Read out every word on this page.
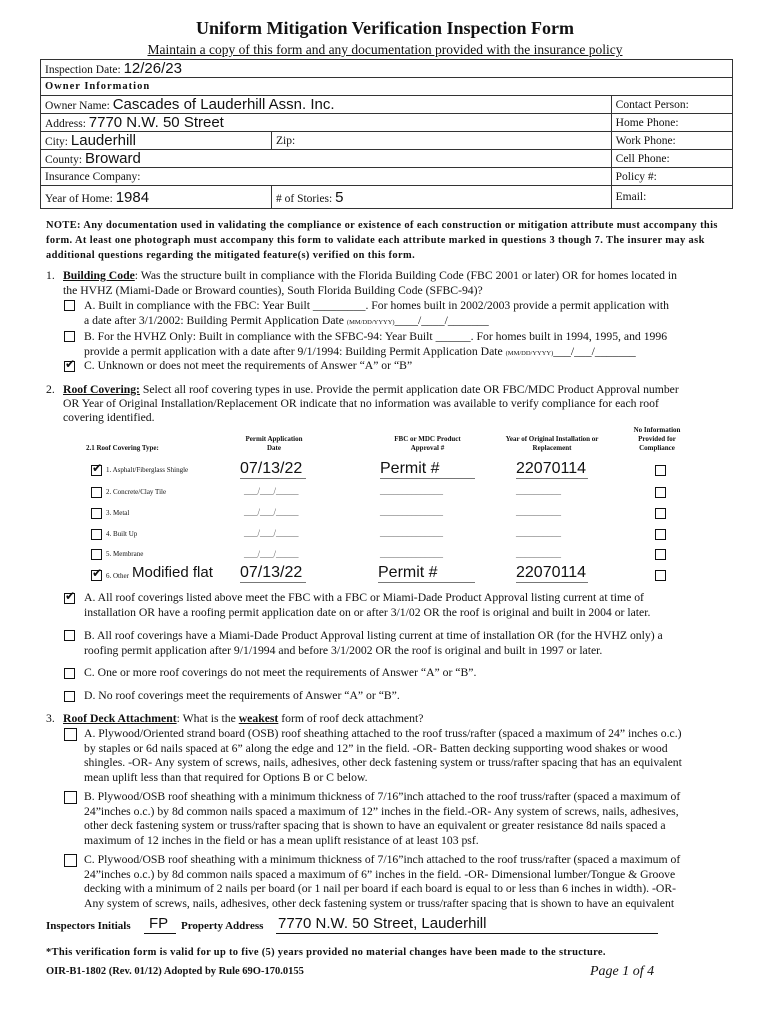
Uniform Mitigation Verification Inspection Form
Maintain a copy of this form and any documentation provided with the insurance policy
Inspection Date: 12/26/23		
Owner Information		
Owner Name: Cascades of Lauderhill Assn. Inc.		Contact Person:
Address: 7770 N.W. 50 Street		Home Phone:
City: Lauderhill	Zip:	Work Phone:
County: Broward		Cell Phone:
Insurance Company:		Policy #:
Year of Home: 1984	# of Stories: 5	Email:
NOTE: Any documentation used in validating the compliance or existence of each construction or mitigation attribute must accompany this form. At least one photograph must accompany this form to validate each attribute marked in questions 3 though 7. The insurer may ask additional questions regarding the mitigated feature(s) verified on this form.
1. Building Code: Was the structure built in compliance with the Florida Building Code (FBC 2001 or later) OR for homes located in
the HVHZ (Miami-Dade or Broward counties), South Florida Building Code (SFBC-94)?
A. Built in compliance with the FBC: Year Built _________. For homes built in 2002/2003 provide a permit application with
a date after 3/1/2002: Building Permit Application Date (MM/DD/YYYY)____/____/_______
B. For the HVHZ Only: Built in compliance with the SFBC-94: Year Built ______. For homes built in 1994, 1995, and 1996
provide a permit application with a date after 9/1/1994: Building Permit Application Date (MM/DD/YYYY)___/___/_______
✔
C. Unknown or does not meet the requirements of Answer “A” or “B”
2. Roof Covering: Select all roof covering types in use. Provide the permit application date OR FBC/MDC Product Approval number
OR Year of Original Installation/Replacement OR indicate that no information was available to verify compliance for each roof
covering identified.
2.1 Roof Covering Type:
Permit Application Date
FBC or MDC Product Approval #
Year of Original Installation or Replacement
No Information Provided for Compliance
✔
1. Asphalt/Fiberglass Shingle	07/13/22	Permit #	22070114
2. Concrete/Clay Tile	___/___/_____	______________	__________
3. Metal	___/___/_____	______________	__________
4. Built Up	___/___/_____	______________	__________
5. Membrane	___/___/_____	______________	__________
✔
6. Other Modified flat 07/13/22	Permit #	22070114
✔
A. All roof coverings listed above meet the FBC with a FBC or Miami-Dade Product Approval listing current at time of
installation OR have a roofing permit application date on or after 3/1/02 OR the roof is original and built in 2004 or later.
B. All roof coverings have a Miami-Dade Product Approval listing current at time of installation OR (for the HVHZ only) a
roofing permit application after 9/1/1994 and before 3/1/2002 OR the roof is original and built in 1997 or later.
C. One or more roof coverings do not meet the requirements of Answer “A” or “B”.
D. No roof coverings meet the requirements of Answer “A” or “B”.
3. Roof Deck Attachment: What is the weakest form of roof deck attachment?
A. Plywood/Oriented strand board (OSB) roof sheathing attached to the roof truss/rafter (spaced a maximum of 24” inches o.c.)
by staples or 6d nails spaced at 6” along the edge and 12” in the field. -OR- Batten decking supporting wood shakes or wood
shingles. -OR- Any system of screws, nails, adhesives, other deck fastening system or truss/rafter spacing that has an equivalent
mean uplift less than that required for Options B or C below.
B. Plywood/OSB roof sheathing with a minimum thickness of 7/16”inch attached to the roof truss/rafter (spaced a maximum of
24”inches o.c.) by 8d common nails spaced a maximum of 12” inches in the field.-OR- Any system of screws, nails, adhesives,
other deck fastening system or truss/rafter spacing that is shown to have an equivalent or greater resistance 8d nails spaced a
maximum of 12 inches in the field or has a mean uplift resistance of at least 103 psf.
C. Plywood/OSB roof sheathing with a minimum thickness of 7/16”inch attached to the roof truss/rafter (spaced a maximum of
24”inches o.c.) by 8d common nails spaced a maximum of 6” inches in the field. -OR- Dimensional lumber/Tongue & Groove
decking with a minimum of 2 nails per board (or 1 nail per board if each board is equal to or less than 6 inches in width). -OR-
Any system of screws, nails, adhesives, other deck fastening system or truss/rafter spacing that is shown to have an equivalent
Inspectors Initials FP Property Address 7770 N.W. 50 Street, Lauderhill
*This verification form is valid for up to five (5) years provided no material changes have been made to the structure.
OIR-B1-1802 (Rev. 01/12) Adopted by Rule 69O-170.0155	Page 1 of 4
